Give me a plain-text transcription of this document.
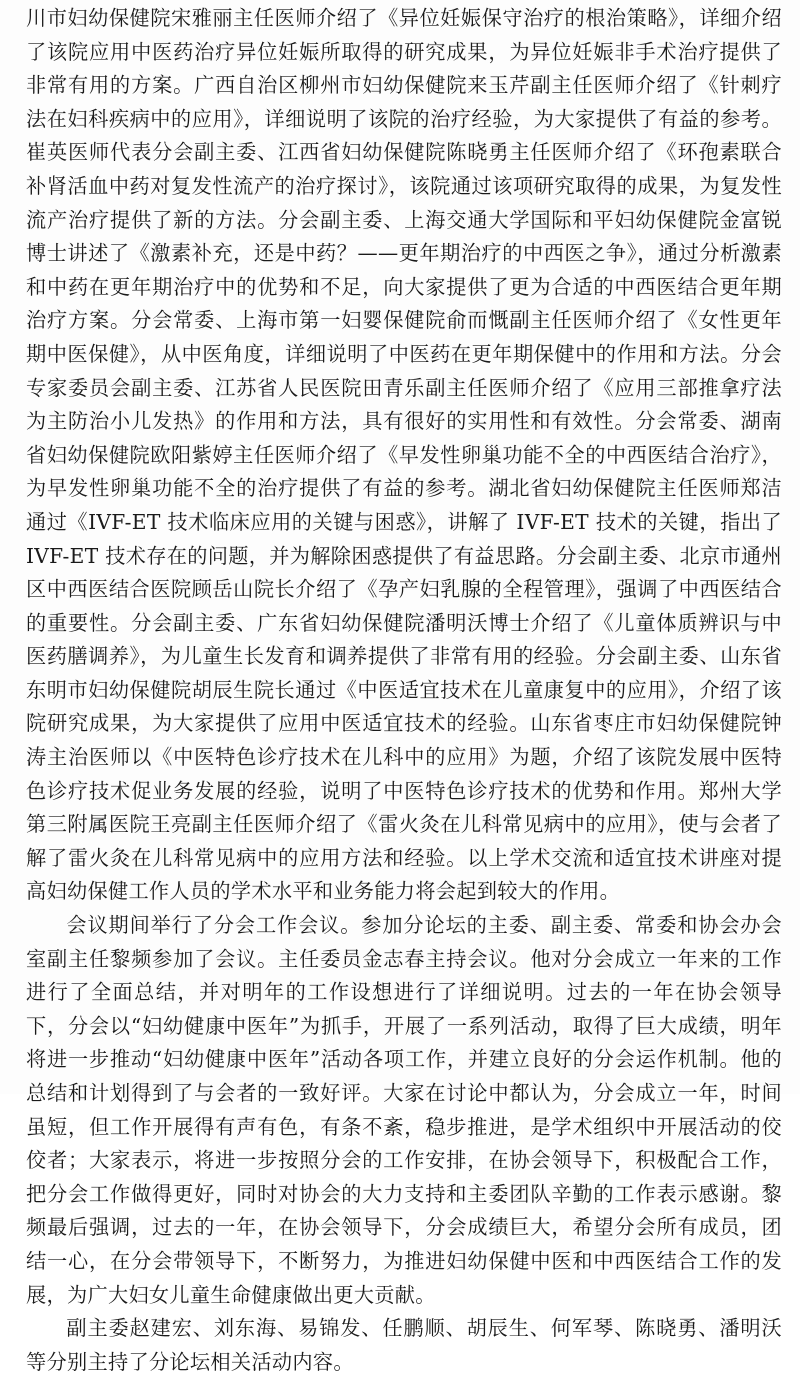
川市妇幼保健院宋雅丽主任医师介绍了《异位妊娠保守治疗的根治策略》，详细介绍了该院应用中医药治疗异位妊娠所取得的研究成果，为异位妊娠非手术治疗提供了非常有用的方案。广西自治区柳州市妇幼保健院来玉芹副主任医师介绍了《针刺疗法在妇科疾病中的应用》，详细说明了该院的治疗经验，为大家提供了有益的参考。崔英医师代表分会副主委、江西省妇幼保健院陈晓勇主任医师介绍了《环孢素联合补肾活血中药对复发性流产的治疗探讨》，该院通过该项研究取得的成果，为复发性流产治疗提供了新的方法。分会副主委、上海交通大学国际和平妇幼保健院金富锐博士讲述了《激素补充，还是中药？——更年期治疗的中西医之争》，通过分析激素和中药在更年期治疗中的优势和不足，向大家提供了更为合适的中西医结合更年期治疗方案。分会常委、上海市第一妇婴保健院俞而慨副主任医师介绍了《女性更年期中医保健》，从中医角度，详细说明了中医药在更年期保健中的作用和方法。分会专家委员会副主委、江苏省人民医院田青乐副主任医师介绍了《应用三部推拿疗法为主防治小儿发热》的作用和方法，具有很好的实用性和有效性。分会常委、湖南省妇幼保健院欧阳紫婷主任医师介绍了《早发性卵巢功能不全的中西医结合治疗》，为早发性卵巢功能不全的治疗提供了有益的参考。湖北省妇幼保健院主任医师郑洁通过《IVF-ET 技术临床应用的关键与困惑》，讲解了 IVF-ET 技术的关键，指出了 IVF-ET 技术存在的问题，并为解除困惑提供了有益思路。分会副主委、北京市通州区中西医结合医院顾岳山院长介绍了《孕产妇乳腺的全程管理》，强调了中西医结合的重要性。分会副主委、广东省妇幼保健院潘明沃博士介绍了《儿童体质辨识与中医药膳调养》，为儿童生长发育和调养提供了非常有用的经验。分会副主委、山东省东明市妇幼保健院胡辰生院长通过《中医适宜技术在儿童康复中的应用》，介绍了该院研究成果，为大家提供了应用中医适宜技术的经验。山东省枣庄市妇幼保健院钟涛主治医师以《中医特色诊疗技术在儿科中的应用》为题，介绍了该院发展中医特色诊疗技术促业务发展的经验，说明了中医特色诊疗技术的优势和作用。郑州大学第三附属医院王亮副主任医师介绍了《雷火灸在儿科常见病中的应用》，使与会者了解了雷火灸在儿科常见病中的应用方法和经验。以上学术交流和适宜技术讲座对提高妇幼保健工作人员的学术水平和业务能力将会起到较大的作用。

会议期间举行了分会工作会议。参加分论坛的主委、副主委、常委和协会办会室副主任黎频参加了会议。主任委员金志春主持会议。他对分会成立一年来的工作进行了全面总结，并对明年的工作设想进行了详细说明。过去的一年在协会领导下，分会以“妇幼健康中医年”为抓手，开展了一系列活动，取得了巨大成绩，明年将进一步推动“妇幼健康中医年”活动各项工作，并建立良好的分会运作机制。他的总结和计划得到了与会者的一致好评。大家在讨论中都认为，分会成立一年，时间虽短，但工作开展得有声有色，有条不紊，稳步推进，是学术组织中开展活动的佼佼者；大家表示，将进一步按照分会的工作安排，在协会领导下，积极配合工作，把分会工作做得更好，同时对协会的大力支持和主委团队辛勤的工作表示感谢。黎频最后强调，过去的一年，在协会领导下，分会成绩巨大，希望分会所有成员，团结一心，在分会带领导下，不断努力，为推进妇幼保健中医和中西医结合工作的发展，为广大妇女儿童生命健康做出更大贡献。

副主委赵建宏、刘东海、易锦发、任鹏顺、胡辰生、何军琴、陈晓勇、潘明沃等分别主持了分论坛相关活动内容。
